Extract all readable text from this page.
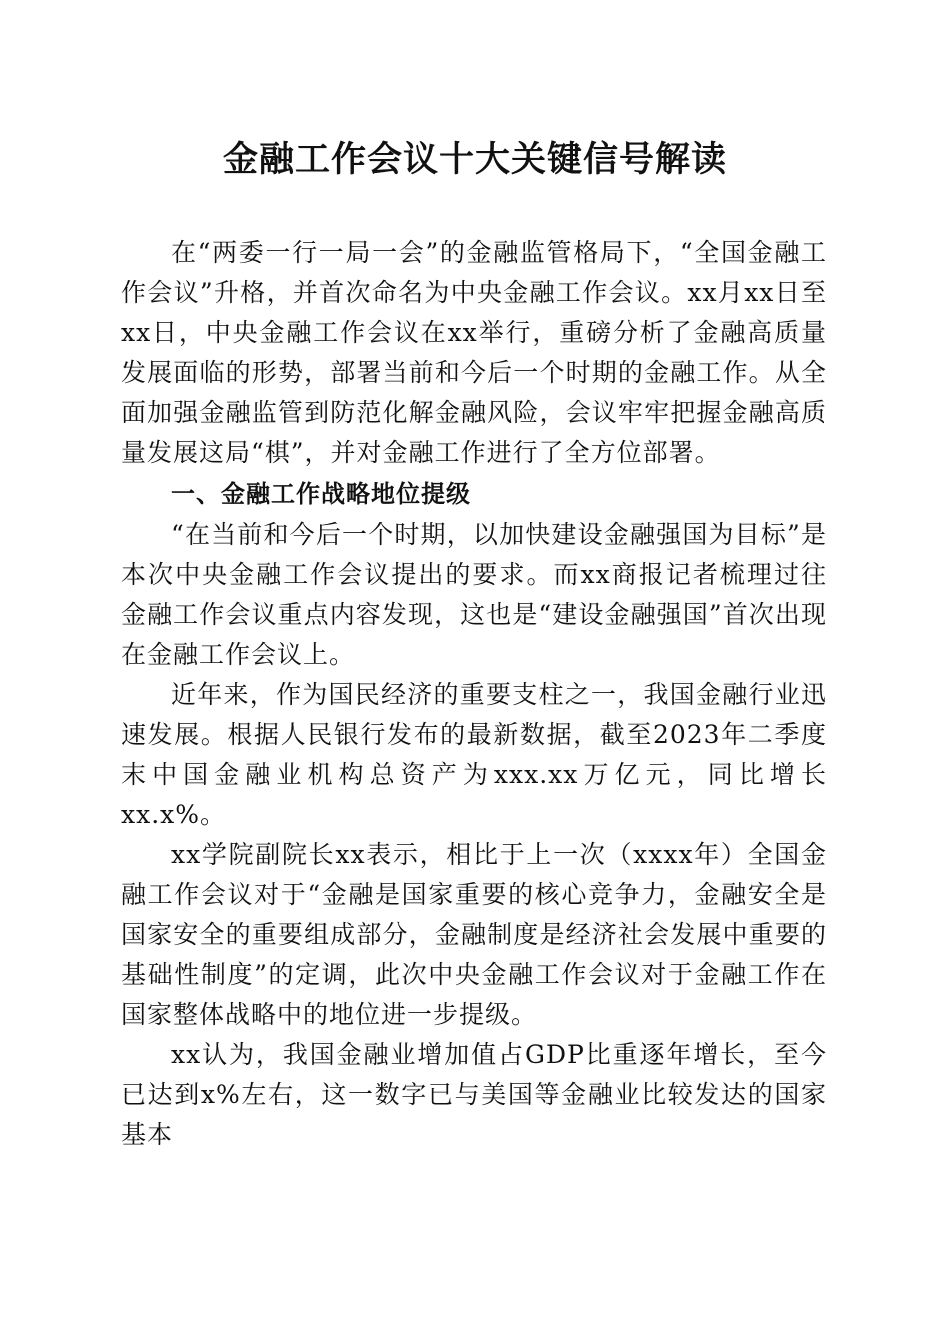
金融工作会议十大关键信号解读

在“两委一行一局一会”的金融监管格局下，“全国金融工作会议”升格，并首次命名为中央金融工作会议。xx月xx日至xx日，中央金融工作会议在xx举行，重磅分析了金融高质量发展面临的形势，部署当前和今后一个时期的金融工作。从全面加强金融监管到防范化解金融风险，会议牢牢把握金融高质量发展这局“棋”，并对金融工作进行了全方位部署。

一、金融工作战略地位提级

“在当前和今后一个时期，以加快建设金融强国为目标”是本次中央金融工作会议提出的要求。而xx商报记者梳理过往金融工作会议重点内容发现，这也是“建设金融强国”首次出现在金融工作会议上。

近年来，作为国民经济的重要支柱之一，我国金融行业迅速发展。根据人民银行发布的最新数据，截至2023年二季度末中国金融业机构总资产为xxx.xx万亿元，同比增长xx.x%。

xx学院副院长xx表示，相比于上一次（xxxx年）全国金融工作会议对于“金融是国家重要的核心竞争力，金融安全是国家安全的重要组成部分，金融制度是经济社会发展中重要的基础性制度”的定调，此次中央金融工作会议对于金融工作在国家整体战略中的地位进一步提级。

xx认为，我国金融业增加值占GDP比重逐年增长，至今已达到x%左右，这一数字已与美国等金融业比较发达的国家基本
